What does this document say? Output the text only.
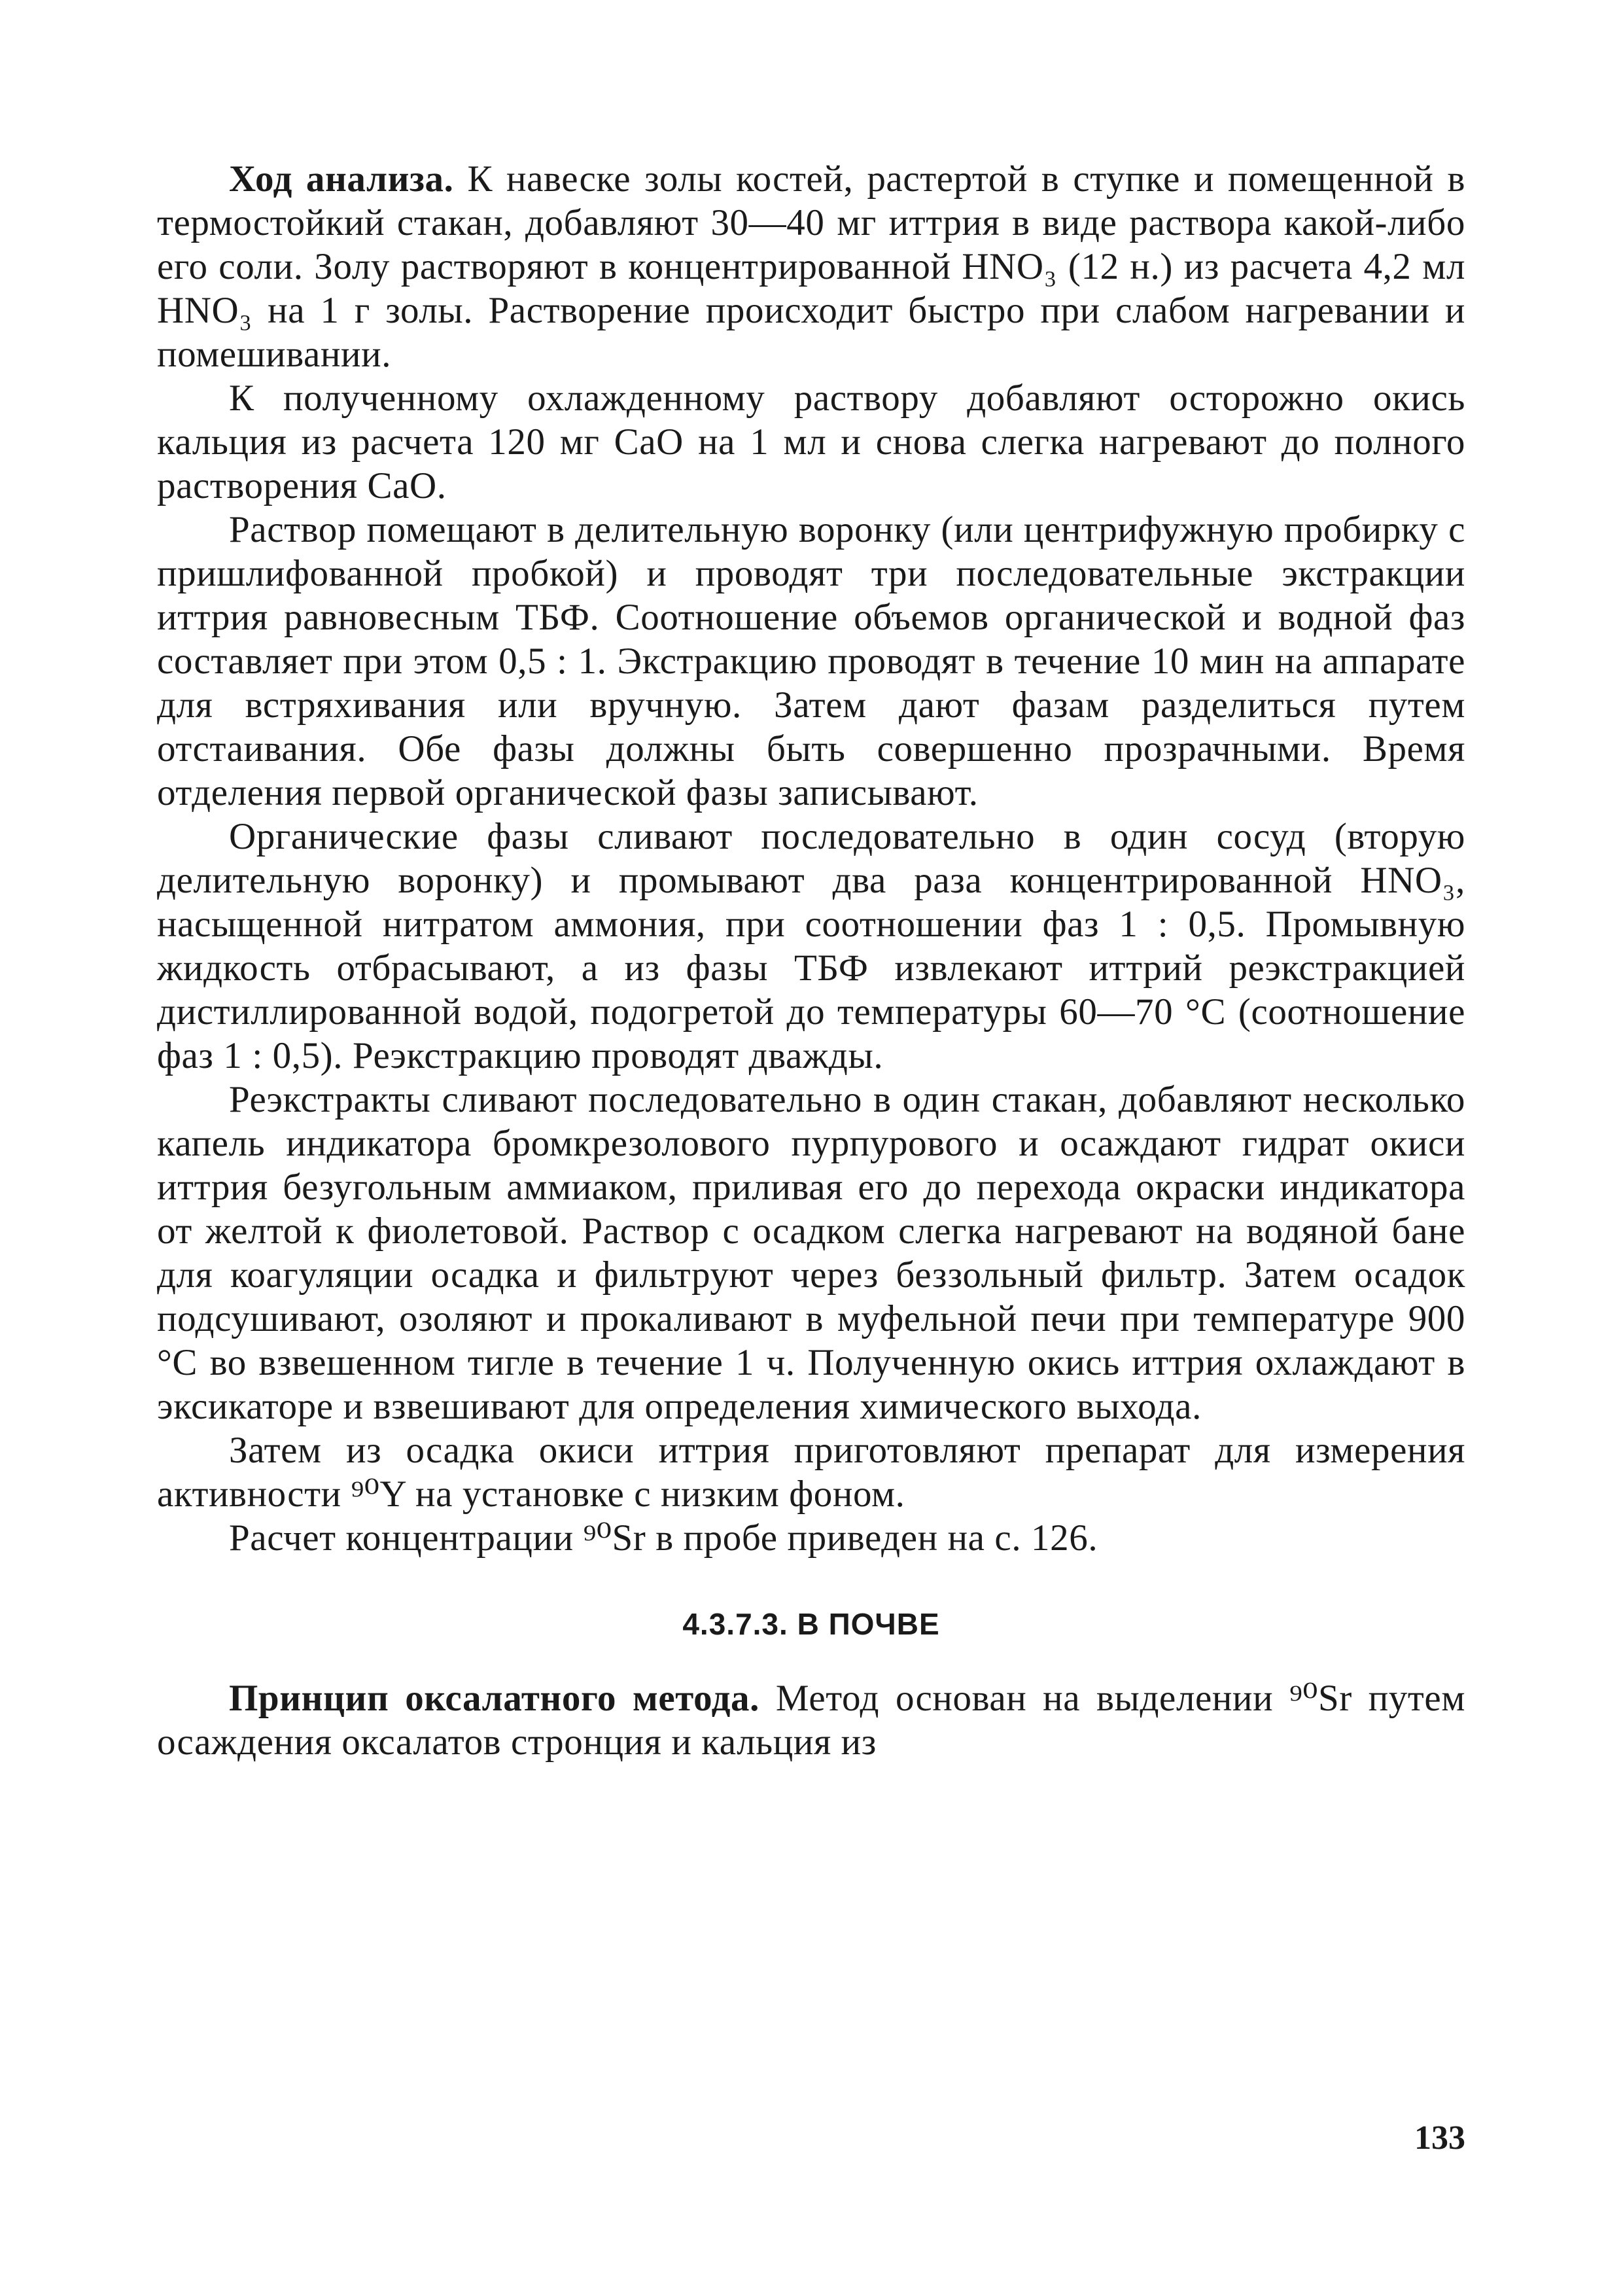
Ход анализа. К навеске золы костей, растертой в ступке и помещенной в термостойкий стакан, добавляют 30—40 мг иттрия в виде раствора какой-либо его соли. Золу растворяют в концентрированной HNO₃ (12 н.) из расчета 4,2 мл HNO₃ на 1 г золы. Растворение происходит быстро при слабом нагревании и помешивании.

К полученному охлажденному раствору добавляют осторожно окись кальция из расчета 120 мг CaO на 1 мл и снова слегка нагревают до полного растворения CaO.

Раствор помещают в делительную воронку (или центрифужную пробирку с пришлифованной пробкой) и проводят три последовательные экстракции иттрия равновесным ТБФ. Соотношение объемов органической и водной фаз составляет при этом 0,5 : 1. Экстракцию проводят в течение 10 мин на аппарате для встряхивания или вручную. Затем дают фазам разделиться путем отстаивания. Обе фазы должны быть совершенно прозрачными. Время отделения первой органической фазы записывают.

Органические фазы сливают последовательно в один сосуд (вторую делительную воронку) и промывают два раза концентрированной HNO₃, насыщенной нитратом аммония, при соотношении фаз 1 : 0,5. Промывную жидкость отбрасывают, а из фазы ТБФ извлекают иттрий реэкстракцией дистиллированной водой, подогретой до температуры 60—70 °C (соотношение фаз 1 : 0,5). Реэкстракцию проводят дважды.

Реэкстракты сливают последовательно в один стакан, добавляют несколько капель индикатора бромкрезолового пурпурового и осаждают гидрат окиси иттрия безугольным аммиаком, приливая его до перехода окраски индикатора от желтой к фиолетовой. Раствор с осадком слегка нагревают на водяной бане для коагуляции осадка и фильтруют через беззольный фильтр. Затем осадок подсушивают, озоляют и прокаливают в муфельной печи при температуре 900 °C во взвешенном тигле в течение 1 ч. Полученную окись иттрия охлаждают в эксикаторе и взвешивают для определения химического выхода.

Затем из осадка окиси иттрия приготовляют препарат для измерения активности ⁹⁰Y на установке с низким фоном.

Расчет концентрации ⁹⁰Sr в пробе приведен на с. 126.

4.3.7.3. В ПОЧВЕ

Принцип оксалатного метода. Метод основан на выделении ⁹⁰Sr путем осаждения оксалатов стронция и кальция из

133
